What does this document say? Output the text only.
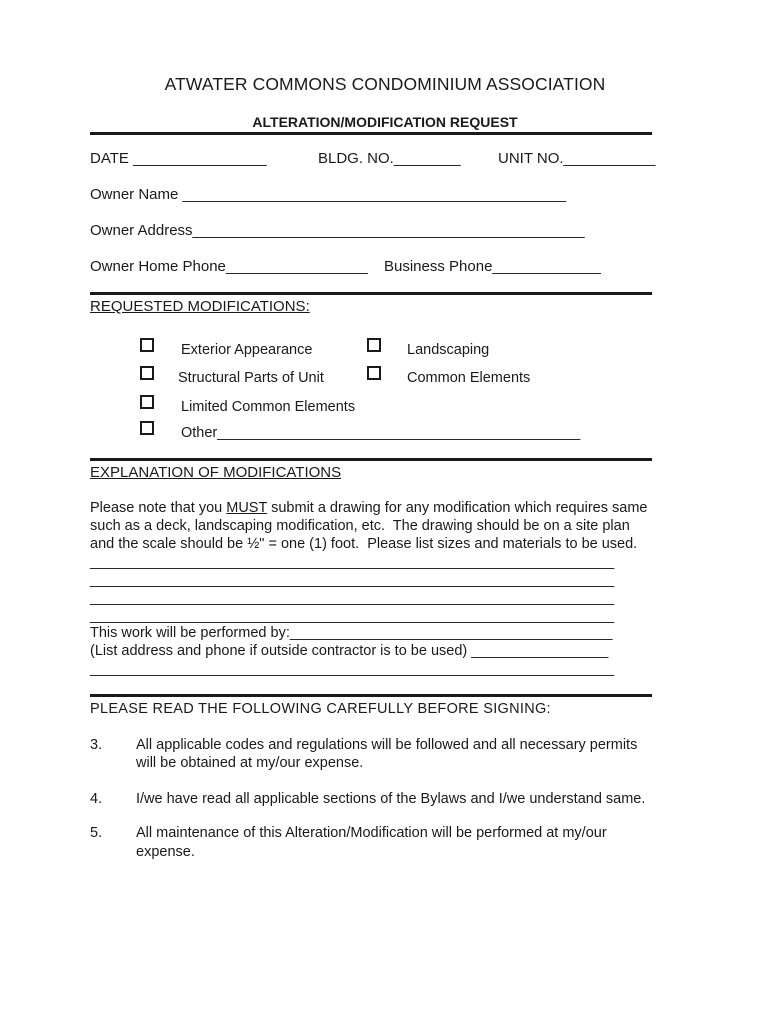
ATWATER COMMONS CONDOMINIUM ASSOCIATION
ALTERATION/MODIFICATION REQUEST
DATE ________________	BLDG. NO.________ UNIT NO.___________
Owner Name ______________________________________________
Owner Address_______________________________________________
Owner Home Phone_________________ Business Phone_____________
REQUESTED MODIFICATIONS:
Exterior Appearance	Landscaping
Structural Parts of Unit	Common Elements
Limited Common Elements
Other_____________________________________________
EXPLANATION OF MODIFICATIONS
Please note that you MUST submit a drawing for any modification which requires same
such as a deck, landscaping modification, etc.  The drawing should be on a site plan
and the scale should be ½" = one (1) foot.  Please list sizes and materials to be used.
_________________________________________________________________
_________________________________________________________________
_________________________________________________________________
_________________________________________________________________
This work will be performed by:________________________________________
(List address and phone if outside contractor is to be used) _________________
_________________________________________________________________
PLEASE READ THE FOLLOWING CAREFULLY BEFORE SIGNING:
3. All applicable codes and regulations will be followed and all necessary permits
will be obtained at my/our expense.
4. I/we have read all applicable sections of the Bylaws and I/we understand same.
5. All maintenance of this Alteration/Modification will be performed at my/our
expense.
